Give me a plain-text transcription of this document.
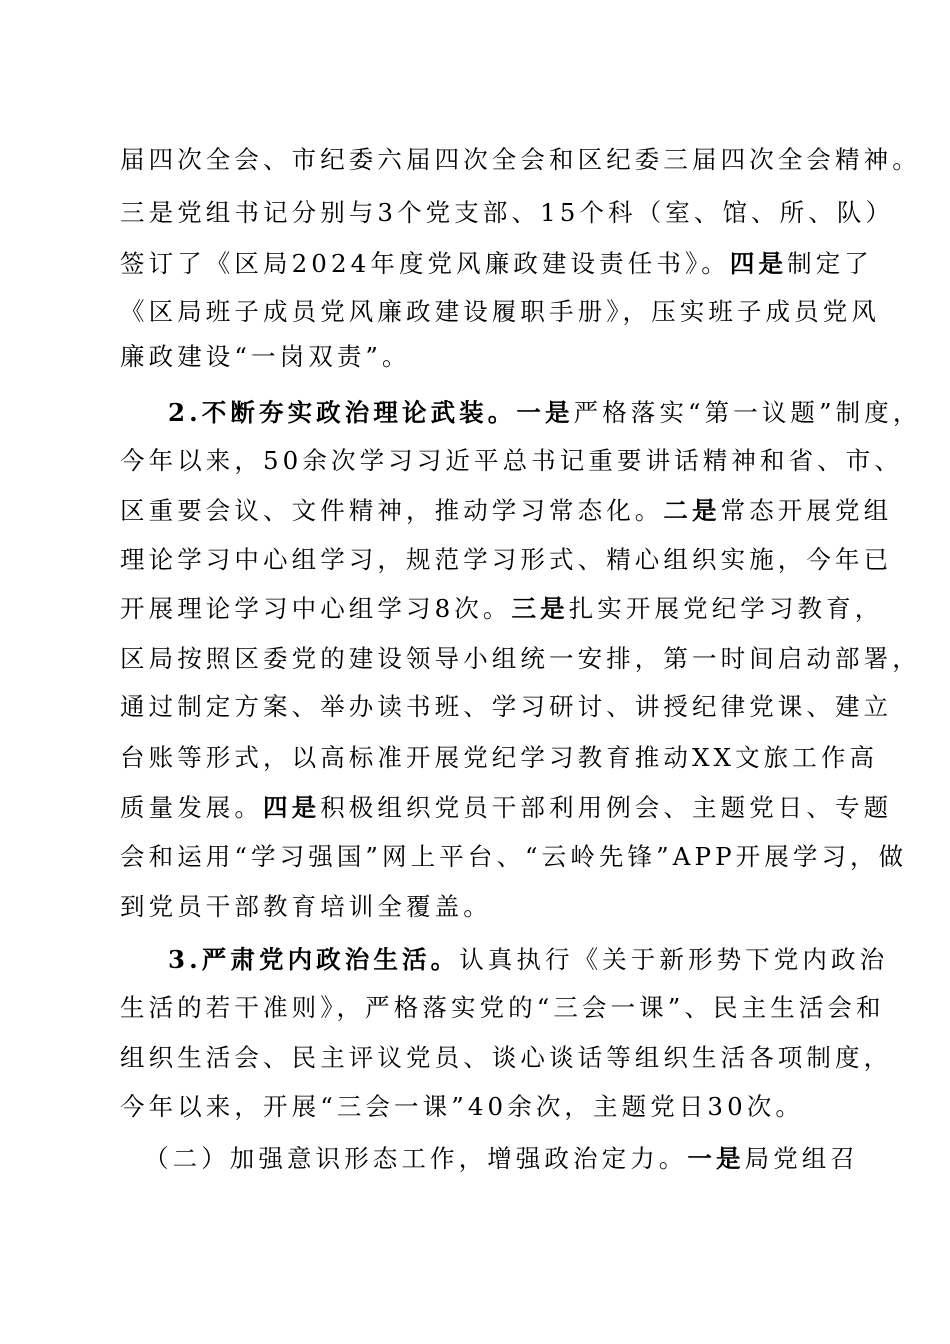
届四次全会、市纪委六届四次全会和区纪委三届四次全会精神。
三是党组书记分别与3个党支部、15个科（室、馆、所、队）
签订了《区局2024年度党风廉政建设责任书》。四是制定了
《区局班子成员党风廉政建设履职手册》，压实班子成员党风
廉政建设“一岗双责”。
2.不断夯实政治理论武装。一是严格落实“第一议题”制度，
今年以来，50余次学习习近平总书记重要讲话精神和省、市、
区重要会议、文件精神，推动学习常态化。二是常态开展党组
理论学习中心组学习，规范学习形式、精心组织实施，今年已
开展理论学习中心组学习8次。三是扎实开展党纪学习教育，
区局按照区委党的建设领导小组统一安排，第一时间启动部署，
通过制定方案、举办读书班、学习研讨、讲授纪律党课、建立
台账等形式，以高标准开展党纪学习教育推动XX文旅工作高
质量发展。四是积极组织党员干部利用例会、主题党日、专题
会和运用“学习强国”网上平台、“云岭先锋”APP开展学习，做
到党员干部教育培训全覆盖。
3.严肃党内政治生活。认真执行《关于新形势下党内政治
生活的若干准则》，严格落实党的“三会一课”、民主生活会和
组织生活会、民主评议党员、谈心谈话等组织生活各项制度，
今年以来，开展“三会一课”40余次，主题党日30次。
（二）加强意识形态工作，增强政治定力。一是局党组召
